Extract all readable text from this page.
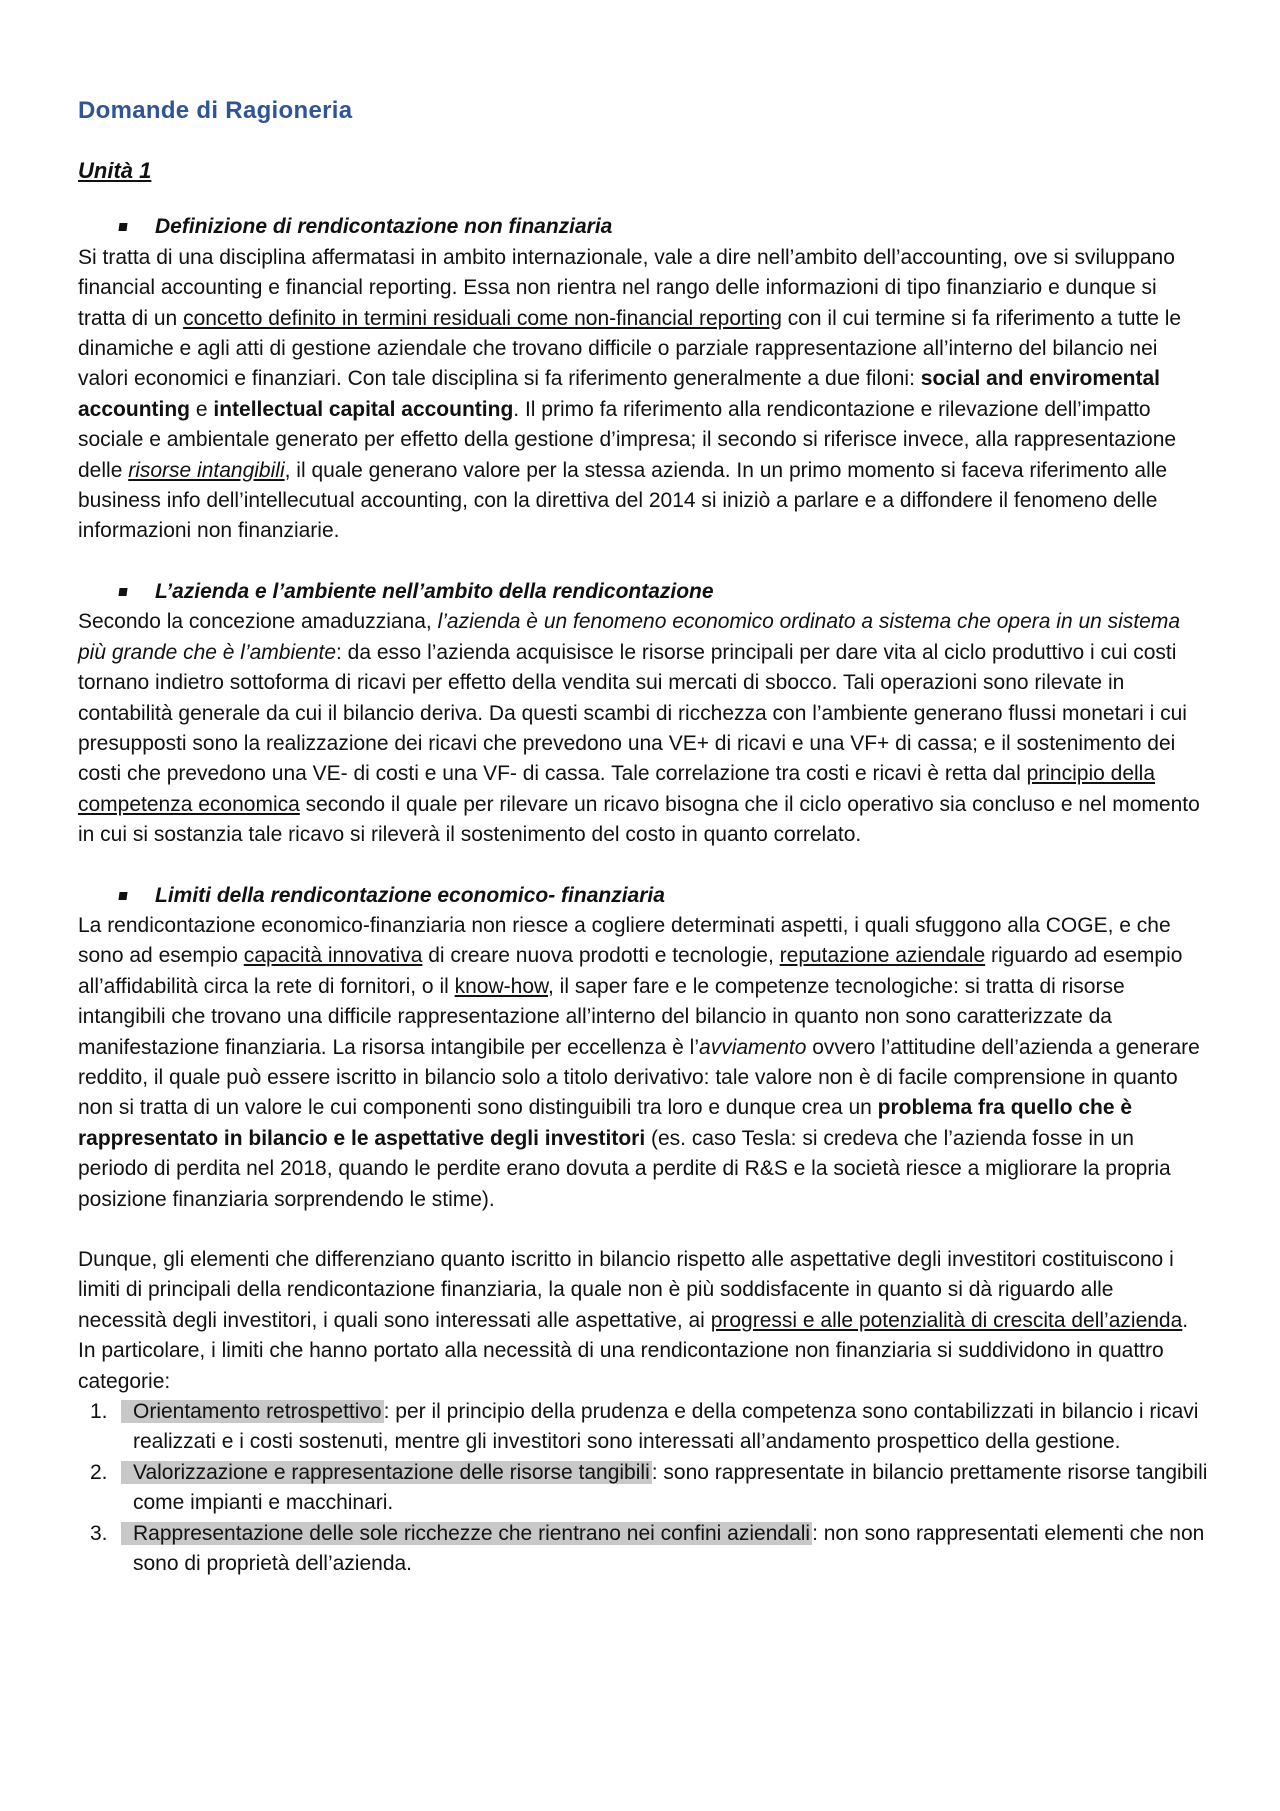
Domande di Ragioneria
Unità 1
Definizione di rendicontazione non finanziaria

Si tratta di una disciplina affermatasi in ambito internazionale, vale a dire nell’ambito dell’accounting, ove si sviluppano financial accounting e financial reporting. Essa non rientra nel rango delle informazioni di tipo finanziario e dunque si tratta di un concetto definito in termini residuali come non-financial reporting con il cui termine si fa riferimento a tutte le dinamiche e agli atti di gestione aziendale che trovano difficile o parziale rappresentazione all’interno del bilancio nei valori economici e finanziari. Con tale disciplina si fa riferimento generalmente a due filoni: social and enviromental accounting e intellectual capital accounting. Il primo fa riferimento alla rendicontazione e rilevazione dell’impatto sociale e ambientale generato per effetto della gestione d’impresa; il secondo si riferisce invece, alla rappresentazione delle risorse intangibili, il quale generano valore per la stessa azienda. In un primo momento si faceva riferimento alle business info dell’intellecutual accounting, con la direttiva del 2014 si iniziò a parlare e a diffondere il fenomeno delle informazioni non finanziarie.

L’azienda e l’ambiente nell’ambito della rendicontazione

Secondo la concezione amaduzziana, l’azienda è un fenomeno economico ordinato a sistema che opera in un sistema più grande che è l’ambiente: da esso l’azienda acquisisce le risorse principali per dare vita al ciclo produttivo i cui costi tornano indietro sottoforma di ricavi per effetto della vendita sui mercati di sbocco. Tali operazioni sono rilevate in contabilità generale da cui il bilancio deriva. Da questi scambi di ricchezza con l’ambiente generano flussi monetari i cui presupposti sono la realizzazione dei ricavi che prevedono una VE+ di ricavi e una VF+ di cassa; e il sostenimento dei costi che prevedono una VE- di costi e una VF- di cassa. Tale correlazione tra costi e ricavi è retta dal principio della competenza economica secondo il quale per rilevare un ricavo bisogna che il ciclo operativo sia concluso e nel momento in cui si sostanzia tale ricavo si rileverà il sostenimento del costo in quanto correlato.

Limiti della rendicontazione economico- finanziaria

La rendicontazione economico-finanziaria non riesce a cogliere determinati aspetti, i quali sfuggono alla COGE, e che sono ad esempio capacità innovativa di creare nuova prodotti e tecnologie, reputazione aziendale riguardo ad esempio all’affidabilità circa la rete di fornitori, o il know-how, il saper fare e le competenze tecnologiche: si tratta di risorse intangibili che trovano una difficile rappresentazione all’interno del bilancio in quanto non sono caratterizzate da manifestazione finanziaria. La risorsa intangibile per eccellenza è l’avviamento ovvero l’attitudine dell’azienda a generare reddito, il quale può essere iscritto in bilancio solo a titolo derivativo: tale valore non è di facile comprensione in quanto non si tratta di un valore le cui componenti sono distinguibili tra loro e dunque crea un problema fra quello che è rappresentato in bilancio e le aspettative degli investitori (es. caso Tesla: si credeva che l’azienda fosse in un periodo di perdita nel 2018, quando le perdite erano dovuta a perdite di R&S e la società riesce a migliorare la propria posizione finanziaria sorprendendo le stime).

Dunque, gli elementi che differenziano quanto iscritto in bilancio rispetto alle aspettative degli investitori costituiscono i limiti di principali della rendicontazione finanziaria, la quale non è più soddisfacente in quanto si dà riguardo alle necessità degli investitori, i quali sono interessati alle aspettative, ai progressi e alle potenzialità di crescita dell’azienda. In particolare, i limiti che hanno portato alla necessità di una rendicontazione non finanziaria si suddividono in quattro categorie:

1. Orientamento retrospettivo: per il principio della prudenza e della competenza sono contabilizzati in bilancio i ricavi realizzati e i costi sostenuti, mentre gli investitori sono interessati all’andamento prospettico della gestione.
2. Valorizzazione e rappresentazione delle risorse tangibili: sono rappresentate in bilancio prettamente risorse tangibili come impianti e macchinari.
3. Rappresentazione delle sole ricchezze che rientrano nei confini aziendali: non sono rappresentati elementi che non sono di proprietà dell’azienda.
